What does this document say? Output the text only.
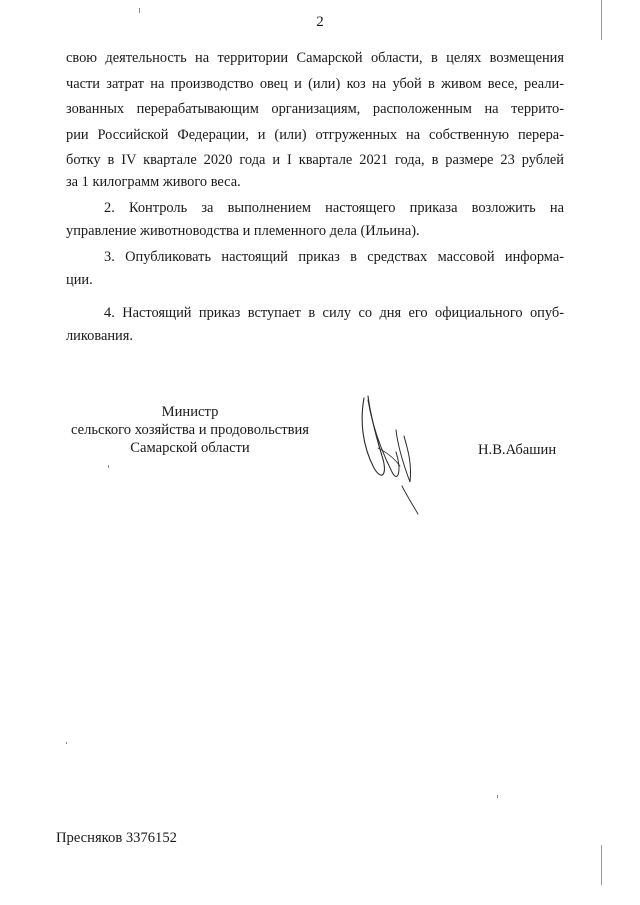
2
свою деятельность на территории Самарской области, в целях возмещения
части затрат на производство овец и (или) коз на убой в живом весе, реали-
зованных перерабатывающим организациям, расположенным на террито-
рии Российской Федерации, и (или) отгруженных на собственную перера-
ботку в IV квартале 2020 года и I квартале 2021 года, в размере 23 рублей
за 1 килограмм живого веса.
2. Контроль за выполнением настоящего приказа возложить на
управление животноводства и племенного дела (Ильина).
3. Опубликовать настоящий приказ в средствах массовой информа-
ции.
4. Настоящий приказ вступает в силу со дня его официального опуб-
ликования.
Министр
сельского хозяйства и продовольствия
Самарской области	Н.В.Абашин
Пресняков 3376152
